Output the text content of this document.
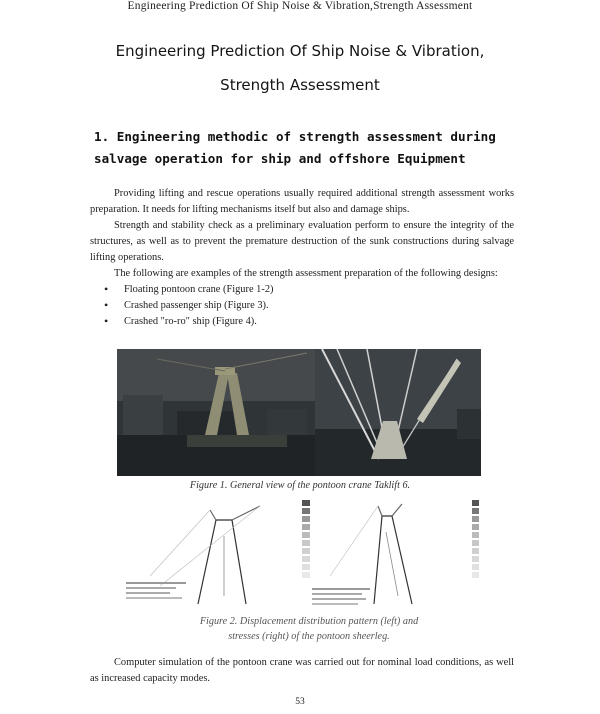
Engineering Prediction Of Ship Noise & Vibration,Strength Assessment
Engineering Prediction Of Ship Noise & Vibration,
Strength Assessment
1. Engineering methodic of strength assessment during salvage operation for ship and offshore Equipment

Providing lifting and rescue operations usually required additional strength assessment works preparation. It needs for lifting mechanisms itself but also and damage ships.

Strength and stability check as a preliminary evaluation perform to ensure the integrity of the structures, as well as to prevent the premature destruction of the sunk constructions during salvage lifting operations.

The following are examples of the strength assessment preparation of the following designs:

• Floating pontoon crane (Figure 1-2)
• Crashed passenger ship (Figure 3).
• Crashed "ro-ro" ship (Figure 4).
Figure 1. General view of the pontoon crane Taklift 6.
Figure 2. Displacement distribution pattern (left) and stresses (right) of the pontoon sheerleg.

Computer simulation of the pontoon crane was carried out for nominal load conditions, as well as increased capacity modes.

53
